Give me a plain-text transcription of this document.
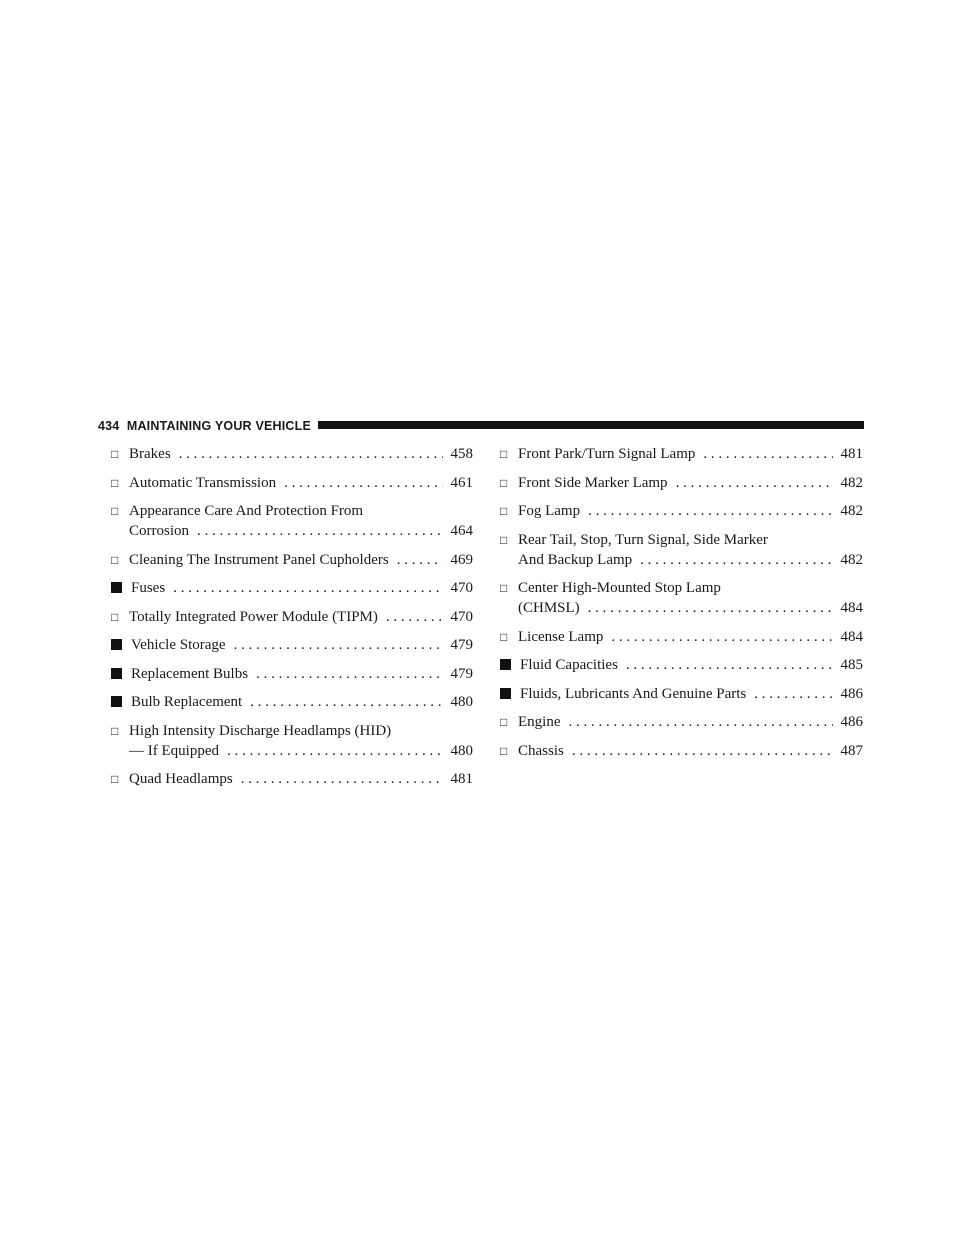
434 MAINTAINING YOUR VEHICLE
□ Brakes . . .	458
□ Automatic Transmission . . .	461
□ Appearance Care And Protection From
Corrosion . . .	464
□ Cleaning The Instrument Panel Cupholders . . .	469
Fuses . . .	470
□ Totally Integrated Power Module (TIPM) . . .	470
Vehicle Storage . . .	479
Replacement Bulbs . . .	479
Bulb Replacement . . .	480
□ High Intensity Discharge Headlamps (HID)
— If Equipped . . .	480
□ Quad Headlamps . . .	481
□ Front Park/Turn Signal Lamp . . .	481
□ Front Side Marker Lamp . . .	482
□ Fog Lamp . . .	482
□ Rear Tail, Stop, Turn Signal, Side Marker
And Backup Lamp . . .	482
□ Center High-Mounted Stop Lamp
(CHMSL) . . .	484
□ License Lamp . . .	484
Fluid Capacities . . .	485
Fluids, Lubricants And Genuine Parts . . .	486
□ Engine . . .	486
□ Chassis . . .	487
